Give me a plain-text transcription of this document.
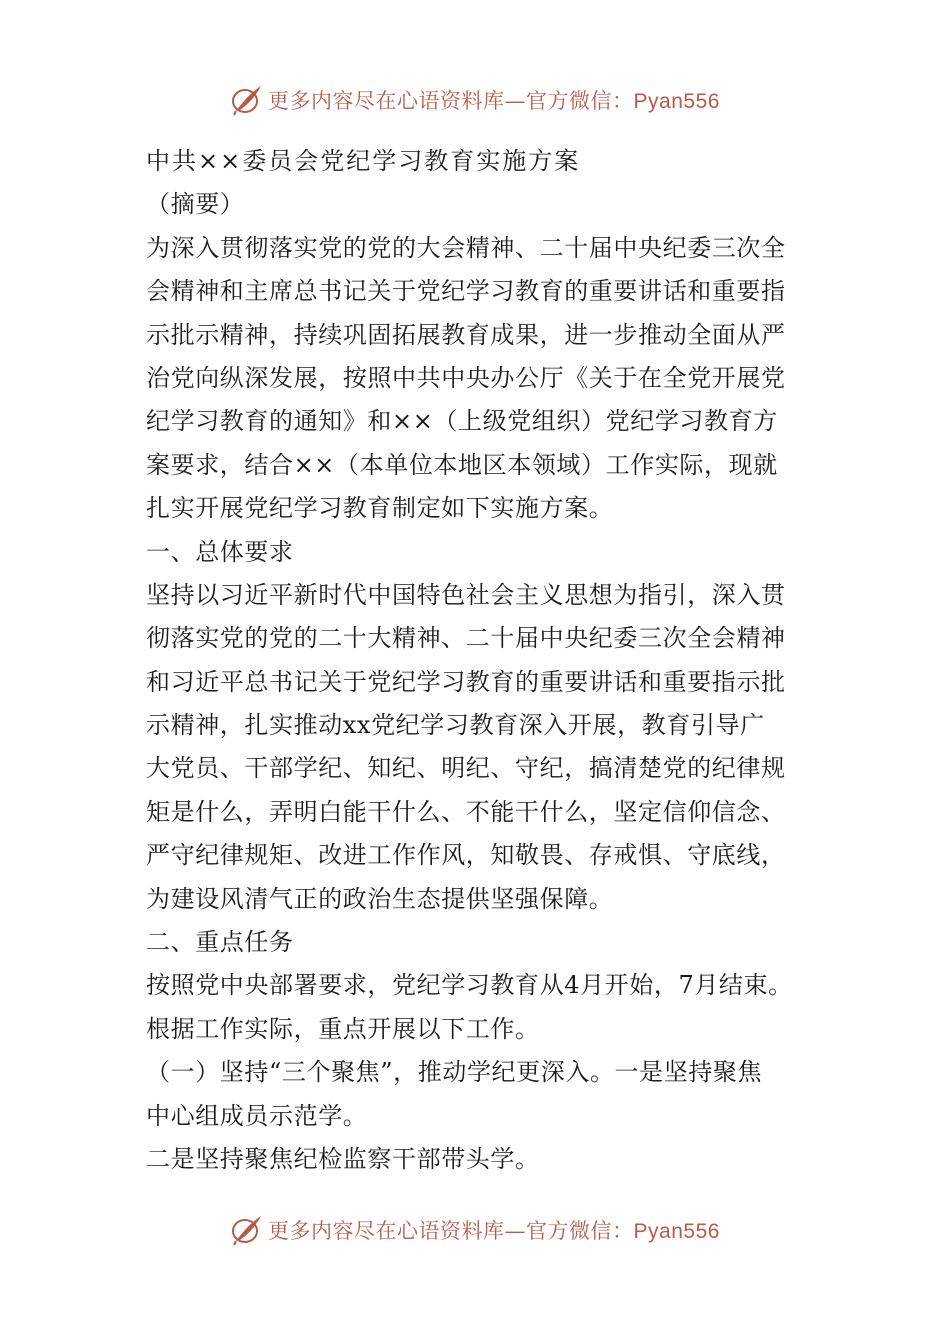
更多内容尽在心语资料库—官方微信：Pyan556
中共××委员会党纪学习教育实施方案
（摘要）
为深入贯彻落实党的党的大会精神、二十届中央纪委三次全
会精神和主席总书记关于党纪学习教育的重要讲话和重要指
示批示精神，持续巩固拓展教育成果，进一步推动全面从严
治党向纵深发展，按照中共中央办公厅《关于在全党开展党
纪学习教育的通知》和××（上级党组织）党纪学习教育方
案要求，结合××（本单位本地区本领域）工作实际，现就
扎实开展党纪学习教育制定如下实施方案。
一、总体要求
坚持以习近平新时代中国特色社会主义思想为指引，深入贯
彻落实党的党的二十大精神、二十届中央纪委三次全会精神
和习近平总书记关于党纪学习教育的重要讲话和重要指示批
示精神，扎实推动xx党纪学习教育深入开展，教育引导广
大党员、干部学纪、知纪、明纪、守纪，搞清楚党的纪律规
矩是什么，弄明白能干什么、不能干什么，坚定信仰信念、
严守纪律规矩、改进工作作风，知敬畏、存戒惧、守底线，
为建设风清气正的政治生态提供坚强保障。
二、重点任务
按照党中央部署要求，党纪学习教育从4月开始，7月结束。
根据工作实际，重点开展以下工作。
（一）坚持“三个聚焦”，推动学纪更深入。一是坚持聚焦
中心组成员示范学。
二是坚持聚焦纪检监察干部带头学。
更多内容尽在心语资料库—官方微信：Pyan556
